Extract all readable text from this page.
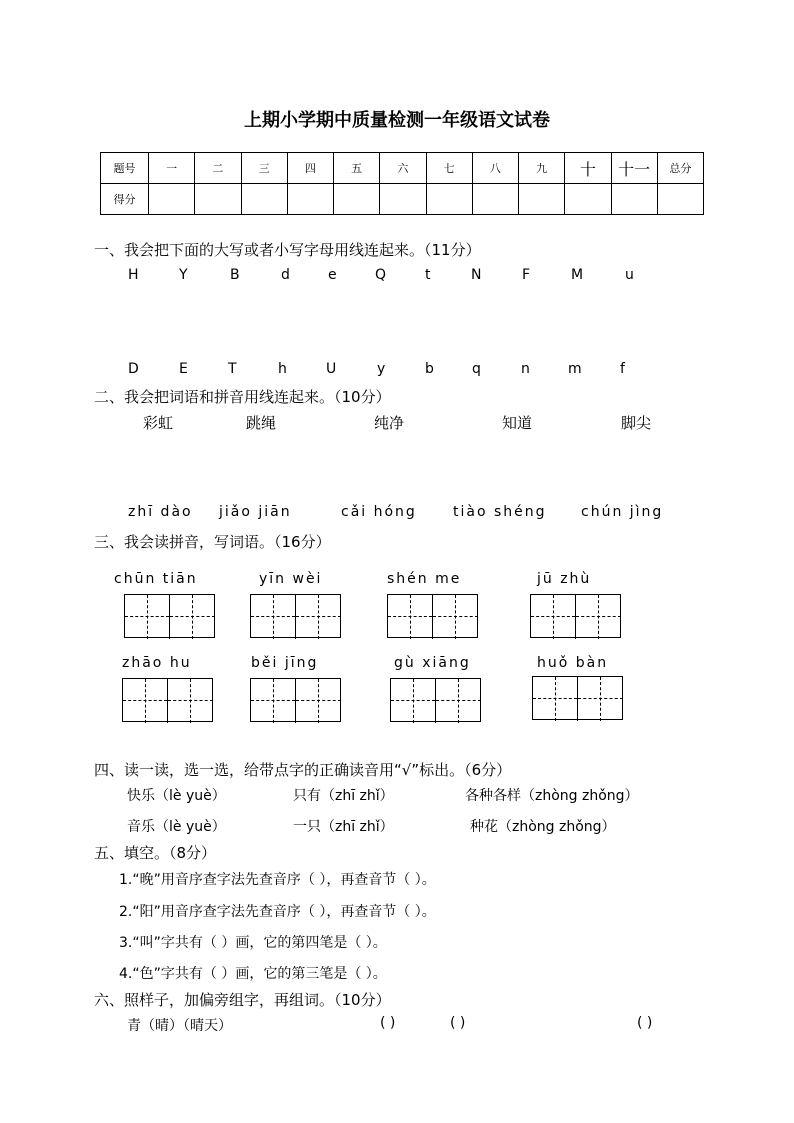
上期小学期中质量检测一年级语文试卷
题号	一	二	三	四	五	六	七	八	九	十	十一	总分
得分												
一、我会把下面的大写或者小写字母用线连起来。（11分）
H	Y	B	d	e	Q	t	N	F	M	u
D	E	T	h	U	y	b	q	n	m	f
二、我会把词语和拼音用线连起来。（10分）
彩虹	跳绳	纯净	知道	脚尖
zhī dào jiǎo jiān	cǎi hóng	tiào shéng chún jìng
三、我会读拼音，写词语。（16分）
chūn tiān	yīn wèi	shén me	jū zhù
zhāo hu	běi jīng	gù xiāng	huǒ bàn
四、读一读，选一选，给带点字的正确读音用“√”标出。（6分）
快乐（lè yuè）	只有（zhī zhǐ）	各种各样（zhòng zhǒng）
音乐（lè yuè）	一只（zhī zhǐ）	种花（zhòng zhǒng）
五、填空。（8分）
1.“晚”用音序查字法先查音序（ ），再查音节（ ）。
2.“阳”用音序查字法先查音序（ ），再查音节（ ）。
3.“叫”字共有（ ）画，它的第四笔是（ ）。
4.“色”字共有（ ）画，它的第三笔是（ ）。
六、照样子，加偏旁组字，再组词。（10分）
青（晴）（晴天）	( )	( )	( )
